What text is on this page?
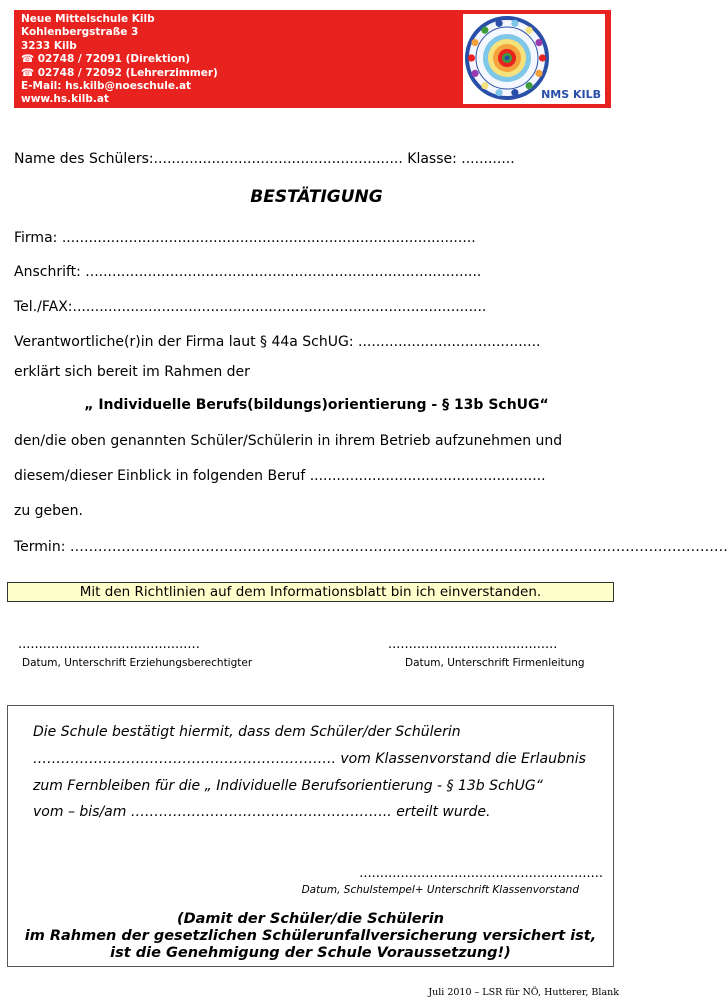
Neue Mittelschule Kilb
Kohlenbergstraße 3
3233 Kilb
☎ 02748 / 72091 (Direktion)
☎ 02748 / 72092 (Lehrerzimmer)
E-Mail: hs.kilb@noeschule.at
www.hs.kilb.at	NMS KILB
Name des Schülers:........................................................ Klasse: ............
BESTÄTIGUNG
Firma: .............................................................................................
Anschrift: .........................................................................................
Tel./FAX:.............................................................................................
Verantwortliche(r)in der Firma laut § 44a SchUG: .........................................
erklärt sich bereit im Rahmen der
„ Individuelle Berufs(bildungs)orientierung - § 13b SchUG“
den/die oben genannten Schüler/Schülerin in ihrem Betrieb aufzunehmen und
diesem/dieser Einblick in folgenden Beruf .....................................................
zu geben.
Termin: ……………………………………………………………………………………………………………………………
Mit den Richtlinien auf dem Informationsblatt bin ich einverstanden.
............................................
Datum, Unterschrift Erziehungsberechtigter
.........................................
Datum, Unterschrift Firmenleitung
Die Schule bestätigt hiermit, dass dem Schüler/der Schülerin
……………………………………………………….. vom Klassenvorstand die Erlaubnis
zum Fernbleiben für die „ Individuelle Berufsorientierung - § 13b SchUG“
vom – bis/am ……………………………………………….. erteilt wurde.
...........................................................
Datum, Schulstempel+ Unterschrift Klassenvorstand
(Damit der Schüler/die Schülerin
im Rahmen der gesetzlichen Schülerunfallversicherung versichert ist,
ist die Genehmigung der Schule Voraussetzung!)
Juli 2010 – LSR für NÖ, Hutterer, Blank
